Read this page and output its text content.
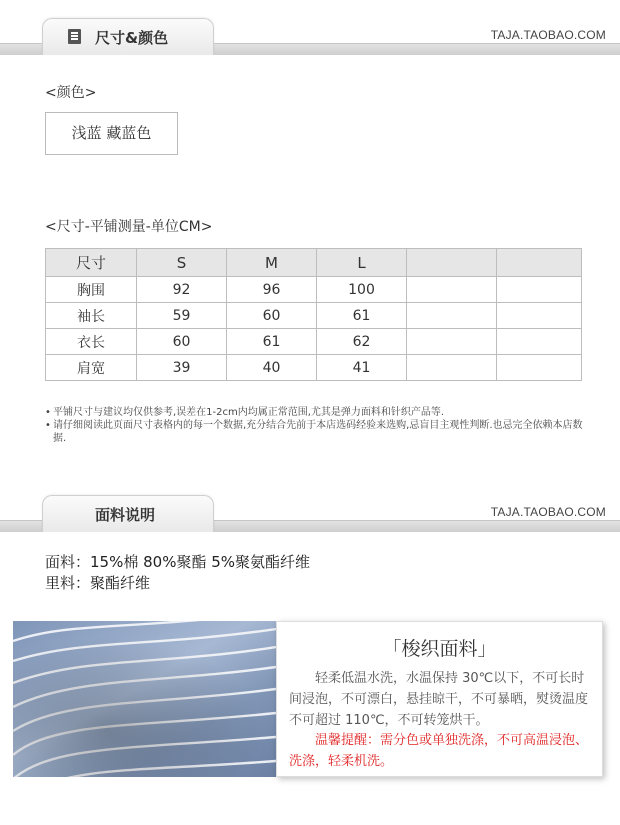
尺寸&颜色	TAJA.TAOBAO.COM
<颜色>
浅蓝 藏蓝色
<尺寸-平铺测量-单位CM>
尺寸	S	M	L		
胸围	92	96	100		
袖长	59	60	61		
衣长	60	61	62		
肩宽	39	40	41		
• 平铺尺寸与建议均仅供参考,误差在1-2cm内均属正常范围,尤其是弹力面料和针织产品等.
• 请仔细阅读此页面尺寸表格内的每一个数据,充分结合先前于本店选码经验来选购,忌盲目主观性判断.也忌完全依赖本店数据.
面料说明	TAJA.TAOBAO.COM
面料：15%棉 80%聚酯 5%聚氨酯纤维
里料：聚酯纤维
「梭织面料」
轻柔低温水洗，水温保持 30℃以下，不可长时间浸泡，不可漂白，悬挂晾干，不可暴晒，熨烫温度不可超过 110℃，不可转笼烘干。
温馨提醒：需分色或单独洗涤，不可高温浸泡、洗涤，轻柔机洗。
